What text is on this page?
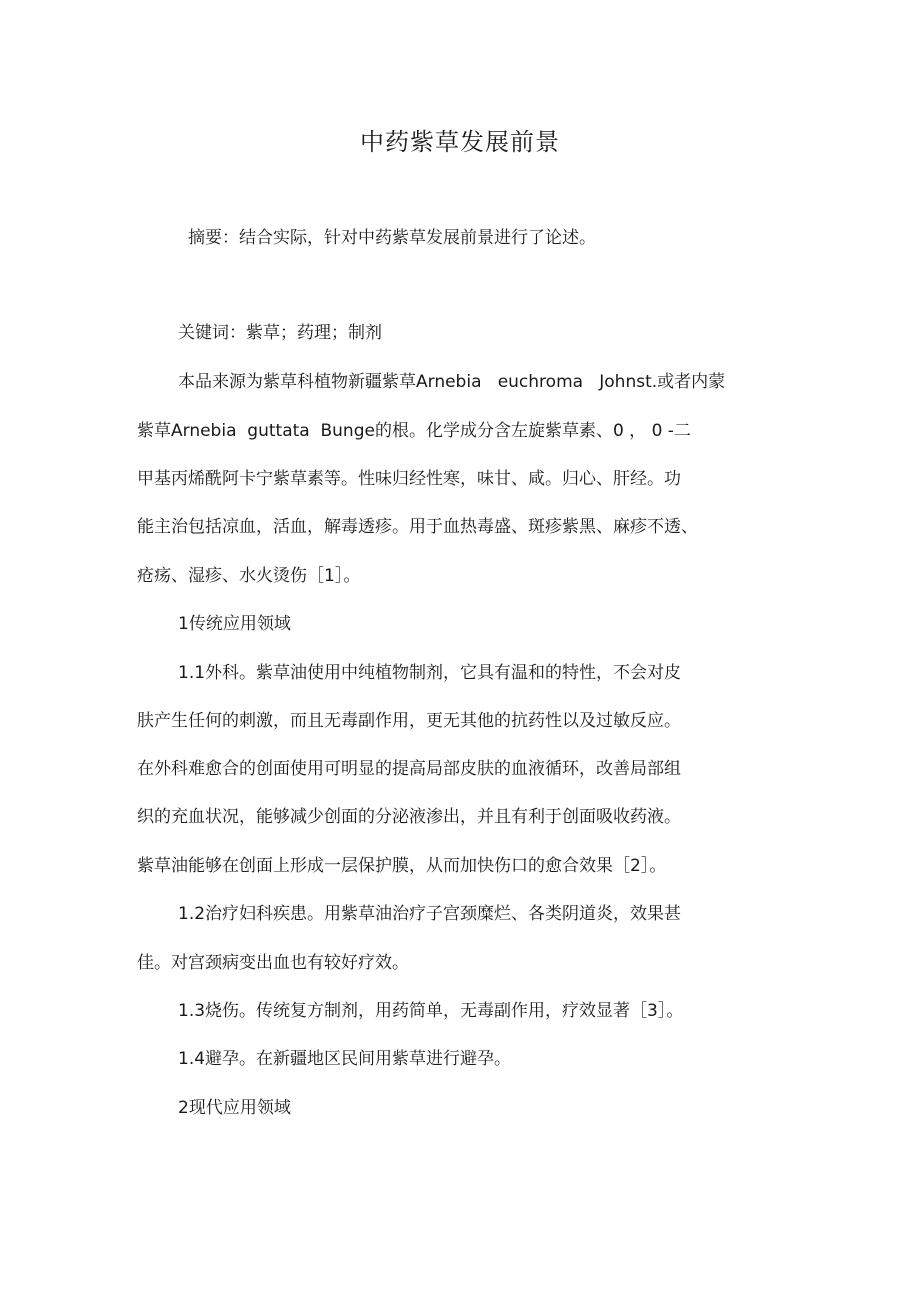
中药紫草发展前景

摘要：结合实际，针对中药紫草发展前景进行了论述。

关键词：紫草；药理；制剂

本品来源为紫草科植物新疆紫草Arnebia   euchroma   Johnst.或者内蒙

紫草Arnebia  guttata  Bunge的根。化学成分含左旋紫草素、0 ， 0 -二

甲基丙烯酰阿卡宁紫草素等。性味归经性寒，味甘、咸。归心、肝经。功

能主治包括凉血，活血，解毒透疹。用于血热毒盛、斑疹紫黑、麻疹不透、

疮疡、湿疹、水火烫伤［1］。

1传统应用领域

1.1外科。紫草油使用中纯植物制剂，它具有温和的特性，不会对皮

肤产生任何的刺激，而且无毒副作用，更无其他的抗药性以及过敏反应。

在外科难愈合的创面使用可明显的提高局部皮肤的血液循环，改善局部组

织的充血状况，能够减少创面的分泌液渗出，并且有利于创面吸收药液。

紫草油能够在创面上形成一层保护膜，从而加快伤口的愈合效果［2］。

1.2治疗妇科疾患。用紫草油治疗子宫颈糜烂、各类阴道炎，效果甚

佳。对宫颈病变出血也有较好疗效。

1.3烧伤。传统复方制剂，用药简单，无毒副作用，疗效显著［3］。

1.4避孕。在新疆地区民间用紫草进行避孕。

2现代应用领域
